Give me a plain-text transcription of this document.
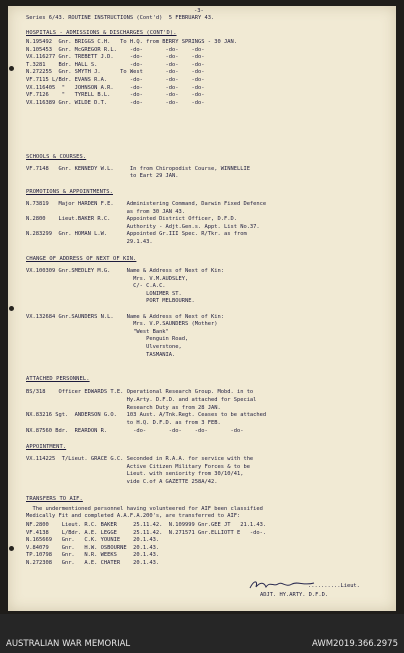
-3-
Series 6/43. ROUTINE INSTRUCTIONS (Cont'd)  5 FEBRUARY 43.
HOSPITALS - ADMISSIONS & DISCHARGES (CONT'D).
N.195492  Gnr. BRIGGS C.H.   To H.Q. from BERRY SPRINGS - 30 JAN.
N.105453  Gnr. McGREGOR R.L.    -do-       -do-    -do-
VX.116277 Gnr. TREBETT J.D.     -do-       -do-    -do-
T.3281    Bdr. HALL S.          -do-       -do-    -do-
N.272255  Gnr. SMYTH J.      To West       -do-    -do-
VF.7115 L/Bdr. EVANS R.A.       -do-       -do-    -do-
VX.116405  "   JOHNSON A.R.     -do-       -do-    -do-
VF.7126    "   TYRELL B.L.      -do-       -do-    -do-
VX.116389 Gnr. WILDE D.T.       -do-       -do-    -do-
SCHOOLS & COURSES.
VF.7148   Gnr. KENNEDY W.L.     In from Chiropodist Course, WINNELLIE
to Eart 29 JAN.
PROMOTIONS & APPOINTMENTS.
N.73819   Major HARDEN F.E.    Administering Command, Darwin Fixed Defence
as from 30 JAN 43.
N.2800    Lieut.BAKER R.C.     Appointed District Officer, D.F.D.
Authority - Adjt.Gen.s. Appt. List No.37.
N.283299  Gnr. HOMAN L.W.      Appointed Gr.III Spec. R/Tkr. as from
29.1.43.
CHANGE OF ADDRESS OF NEXT OF KIN.
VX.100309 Gnr.SMEDLEY M.G.     Name & Address of Next of Kin:
Mrs. V.M.AUDSLEY,
C/- C.A.C.
LONIMER ST.
PORT MELBOURNE.
VX.132684 Gnr.SAUNDERS N.L.    Name & Address of Next of Kin:
Mrs. V.P.SAUNDERS (Mother)
"West Bank"
Penguin Road,
Ulverstone,
TASMANIA.
ATTACHED PERSONNEL.
BS/318    Officer EDWARDS T.E. Operational Research Group. Mobd. in to
Hy.Arty. D.F.D. and attached for Special
Research Duty as from 28 JAN.
NX.83216 Sgt.  ANDERSON G.O.   103 Aust. A/Tnk.Regt. Ceases to be attached
to H.Q. D.F.D. as from 3 FEB.
NX.87560 Bdr.  REARDON R.        -do-       -do-    -do-       -do-
APPOINTMENT.
VX.114225  T/Lieut. GRACE G.C. Seconded in R.A.A. for service with the
Active Citizen Military Forces & to be
Lieut. with seniority from 30/10/41,
vide C.of A GAZETTE 258A/42.
TRANSFERS TO AIF.
The undermentioned personnel having volunteered for AIF been classified
Medically Fit and completed A.A.F.A.200's, are transferred to AIF:
NF.2800    Lieut. R.C. BAKER     25.11.42.  N.109999 Gnr.GEE JT   21.1.43.
VF.4138    L/Bdr. A.E. LEGGE     25.11.42.  N.271571 Gnr.ELLIOTT E   -do-.
N.165669   Gnr.   C.K. YOUNIE    20.1.43.
V.84079    Gnr.   H.W. OSBOURNE  20.1.43.
TP.10798   Gnr.   N.R. WEEKS     20.1.43.
N.272308   Gnr.   A.E. CHATER    20.1.43.
..........Lieut.
ADJT. HY.ARTY. D.F.D.
AUSTRALIAN WAR MEMORIAL	AWM2019.366.2975
